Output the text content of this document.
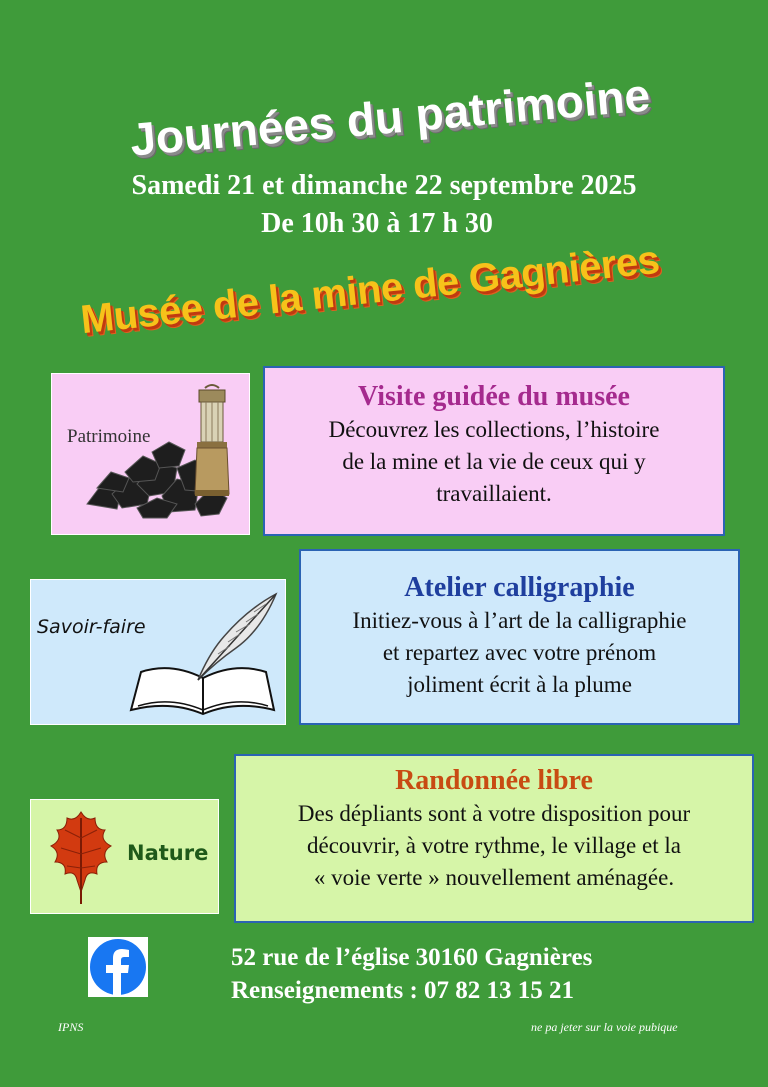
Journées du patrimoine
Samedi 21 et dimanche 22 septembre 2025
De 10h 30 à 17 h 30
Musée de la mine de Gagnières
Patrimoine
Visite guidée du musée
Découvrez les collections, l’histoire
de la mine et la vie de ceux qui y
travaillaient.
Savoir-faire
Atelier calligraphie
Initiez-vous à l’art de la calligraphie
et repartez avec votre prénom
joliment écrit à la plume
Nature
Randonnée libre
Des dépliants sont à votre disposition pour
découvrir, à votre rythme, le village et la
« voie verte » nouvellement aménagée.
52 rue de l’église 30160 Gagnières
Renseignements : 07 82 13 15 21
IPNS	ne pa jeter sur la voie pubique
